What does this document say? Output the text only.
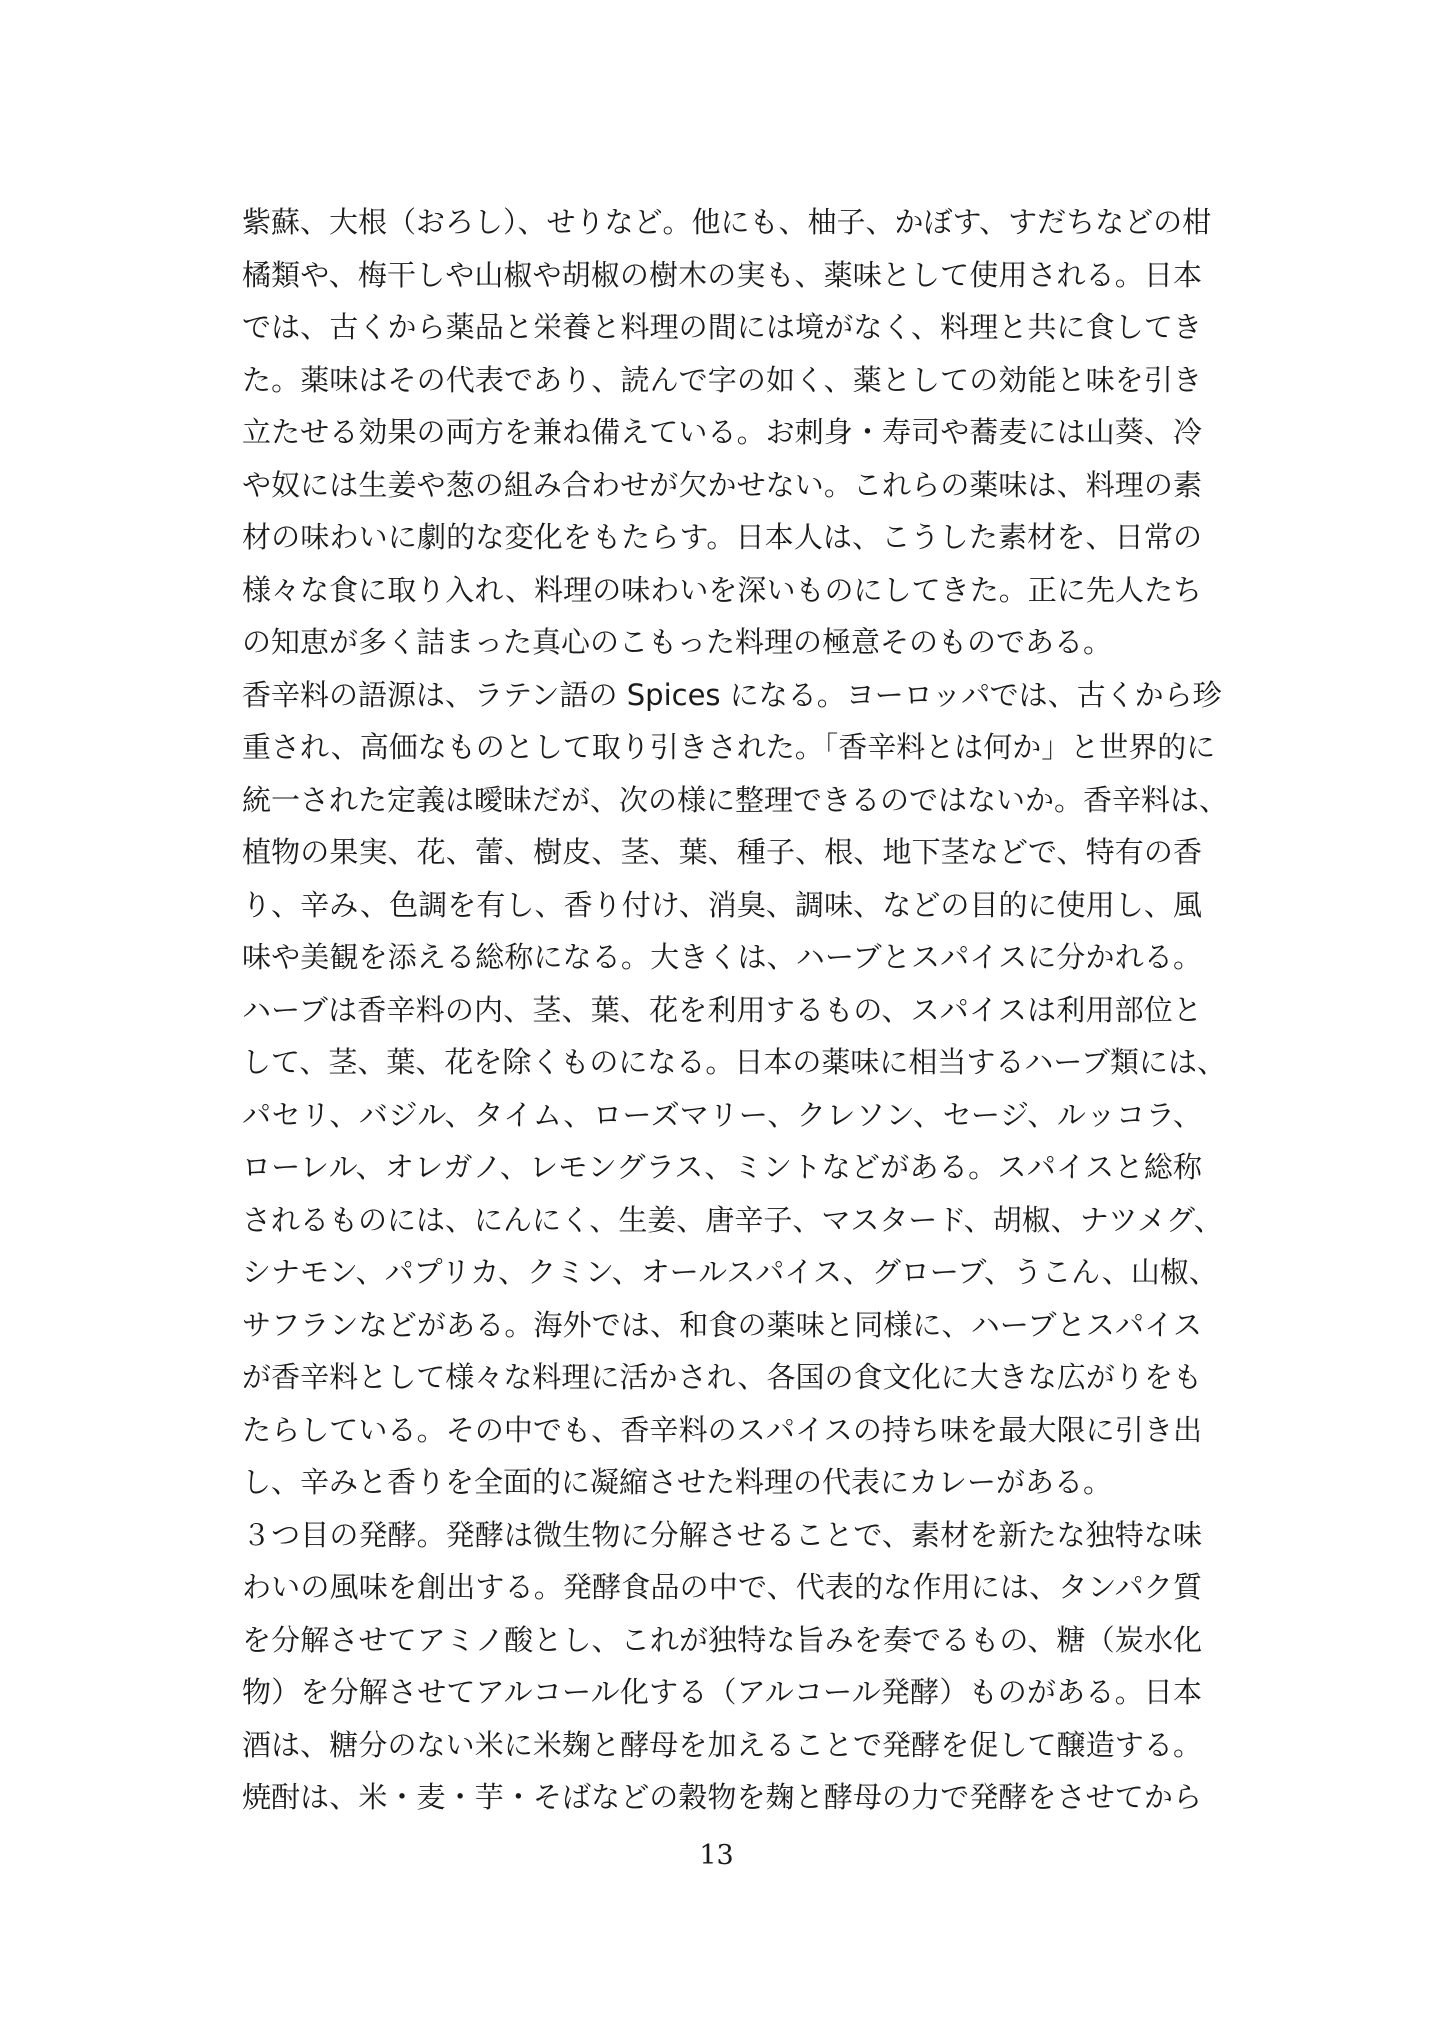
紫蘇、大根（おろし）、せりなど。他にも、柚子、かぼす、すだちなどの柑
橘類や、梅干しや山椒や胡椒の樹木の実も、薬味として使用される。日本
では、古くから薬品と栄養と料理の間には境がなく、料理と共に食してき
た。薬味はその代表であり、読んで字の如く、薬としての効能と味を引き
立たせる効果の両方を兼ね備えている。お刺身・寿司や蕎麦には山葵、冷
や奴には生姜や葱の組み合わせが欠かせない。これらの薬味は、料理の素
材の味わいに劇的な変化をもたらす。日本人は、こうした素材を、日常の
様々な食に取り入れ、料理の味わいを深いものにしてきた。正に先人たち
の知恵が多く詰まった真心のこもった料理の極意そのものである。
香辛料の語源は、ラテン語の Spices になる。ヨーロッパでは、古くから珍
重され、高価なものとして取り引きされた。「香辛料とは何か」と世界的に
統一された定義は曖昧だが、次の様に整理できるのではないか。香辛料は、
植物の果実、花、蕾、樹皮、茎、葉、種子、根、地下茎などで、特有の香
り、辛み、色調を有し、香り付け、消臭、調味、などの目的に使用し、風
味や美観を添える総称になる。大きくは、ハーブとスパイスに分かれる。
ハーブは香辛料の内、茎、葉、花を利用するもの、スパイスは利用部位と
して、茎、葉、花を除くものになる。日本の薬味に相当するハーブ類には、
パセリ、バジル、タイム、ローズマリー、クレソン、セージ、ルッコラ、
ローレル、オレガノ、レモングラス、ミントなどがある。スパイスと総称
されるものには、にんにく、生姜、唐辛子、マスタード、胡椒、ナツメグ、
シナモン、パプリカ、クミン、オールスパイス、グローブ、うこん、山椒、
サフランなどがある。海外では、和食の薬味と同様に、ハーブとスパイス
が香辛料として様々な料理に活かされ、各国の食文化に大きな広がりをも
たらしている。その中でも、香辛料のスパイスの持ち味を最大限に引き出
し、辛みと香りを全面的に凝縮させた料理の代表にカレーがある。
３つ目の発酵。発酵は微生物に分解させることで、素材を新たな独特な味
わいの風味を創出する。発酵食品の中で、代表的な作用には、タンパク質
を分解させてアミノ酸とし、これが独特な旨みを奏でるもの、糖（炭水化
物）を分解させてアルコール化する（アルコール発酵）ものがある。日本
酒は、糖分のない米に米麹と酵母を加えることで発酵を促して醸造する。
焼酎は、米・麦・芋・そばなどの穀物を麹と酵母の力で発酵をさせてから
13
